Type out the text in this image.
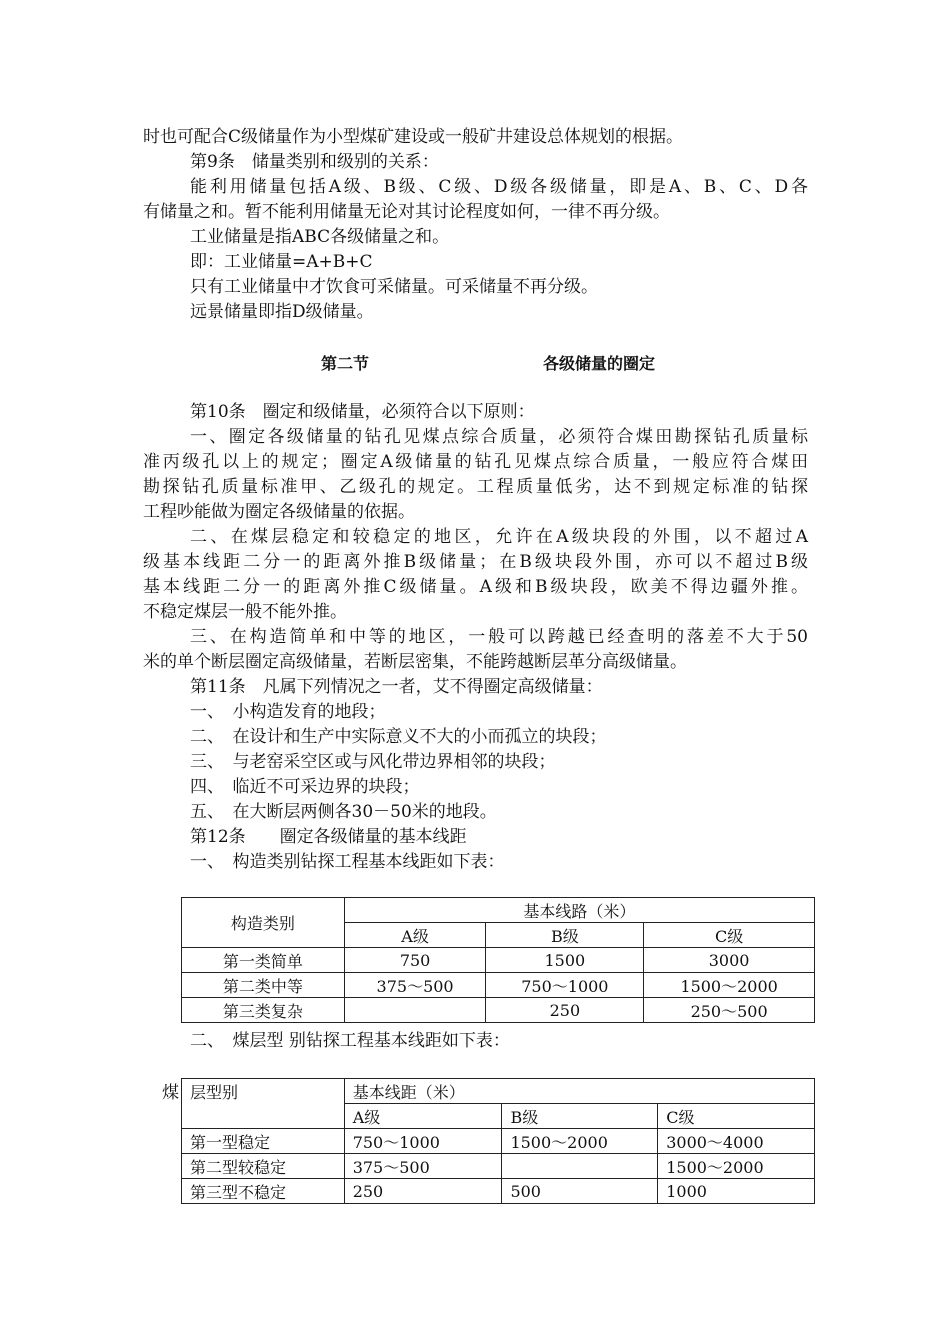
时也可配合C级储量作为小型煤矿建设或一般矿井建设总体规划的根据。
第9条　储量类别和级别的关系：
能利用储量包括A级、B级、C级、D级各级储量，即是A、B、C、D各
有储量之和。暂不能利用储量无论对其讨论程度如何，一律不再分级。
工业储量是指ABC各级储量之和。
即：工业储量=A+B+C
只有工业储量中才饮食可采储量。可采储量不再分级。
远景储量即指D级储量。
第二节	各级储量的圈定
第10条　圈定和级储量，必须符合以下原则：
一、圈定各级储量的钻孔见煤点综合质量，必须符合煤田勘探钻孔质量标
准丙级孔以上的规定；圈定A级储量的钻孔见煤点综合质量，一般应符合煤田
勘探钻孔质量标准甲、乙级孔的规定。工程质量低劣，达不到规定标准的钻探
工程吵能做为圈定各级储量的依据。
二、在煤层稳定和较稳定的地区，允许在A级块段的外围，以不超过A
级基本线距二分一的距离外推B级储量；在B级块段外围，亦可以不超过B级
基本线距二分一的距离外推C级储量。A级和B级块段，欧美不得边疆外推。
不稳定煤层一般不能外推。
三、在构造简单和中等的地区，一般可以跨越已经查明的落差不大于50
米的单个断层圈定高级储量，若断层密集，不能跨越断层革分高级储量。
第11条　凡属下列情况之一者，艾不得圈定高级储量：
一、　小构造发育的地段；
二、　在设计和生产中实际意义不大的小而孤立的块段；
三、　与老窑采空区或与风化带边界相邻的块段；
四、　临近不可采边界的块段；
五、　在大断层两侧各30－50米的地段。
第12条　　圈定各级储量的基本线距
一、　构造类别钻探工程基本线距如下表：
构造类别	基本线路（米）		
	A级	B级	C级
第一类简单	750	1500	3000
第二类中等	375～500	750～1000	1500～2000
第三类复杂		250	250～500
二、　煤层型 别钻探工程基本线距如下表：
煤 层型别	基本线距（米）		
	A级	B级	C级
第一型稳定	750～1000	1500～2000	3000～4000
第二型较稳定	375～500		1500～2000
第三型不稳定	250	500	1000
